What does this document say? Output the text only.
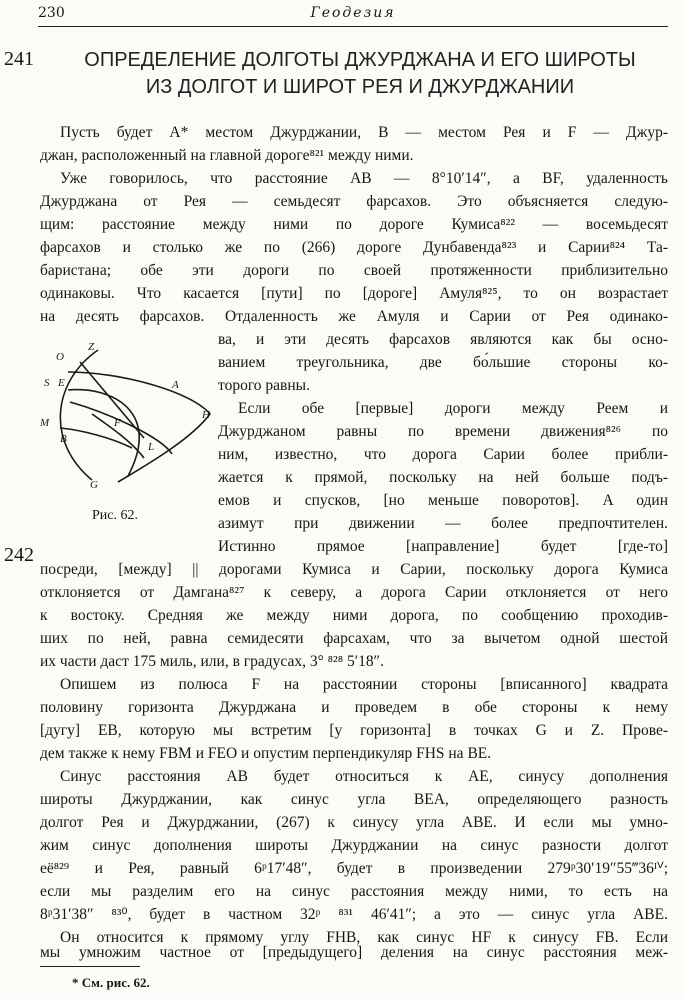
230	Геодезия
241
242
ОПРЕДЕЛЕНИЕ ДОЛГОТЫ ДЖУРДЖАНА И ЕГО ШИРОТЫ
ИЗ ДОЛГОТ И ШИРОТ РЕЯ И ДЖУРДЖАНИИ
Пусть будет A* местом Джурджании, B — местом Рея и F — Джур-
джан, расположенный на главной дороге⁸²¹ между ними.
Уже говорилось, что расстояние AB — 8°10′14″, а BF, удаленность
Джурджана от Рея — семьдесят фарсахов. Это объясняется следую-
щим: расстояние между ними по дороге Кумиса⁸²² — восемьдесят
фарсахов и столько же по (266) дороге Дунбавенда⁸²³ и Сарии⁸²⁴ Та-
баристана; обе эти дороги по своей протяженности приблизительно
одинаковы. Что касается [пути] по [дороге] Амуля⁸²⁵, то он возрастает
на десять фарсахов. Отдаленность же Амуля и Сарии от Рея одинако-
ва, и эти десять фарсахов являются как бы осно-
ванием треугольника, две бо́льшие стороны ко-
торого равны.
Если обе [первые] дороги между Реем и
Джурджаном равны по времени движения⁸²⁶ по
ним, известно, что дорога Сарии более прибли-
жается к прямой, поскольку на ней больше подъ-
емов и спусков, [но меньше поворотов]. A один
азимут при движении — более предпочтителен.
Истинно прямое [направление] будет [где-то]
посреди, [между] || дорогами Кумиса и Сарии, поскольку дорога Кумиса
отклоняется от Дамгана⁸²⁷ к северу, а дорога Сарии отклоняется от него
к востоку. Средняя же между ними дорога, по сообщению проходив-
ших по ней, равна семидесяти фарсахам, что за вычетом одной шестой
их части даст 175 миль, или, в градусах, 3° ⁸²⁸ 5′18″.
Опишем из полюса F на расстоянии стороны [вписанного] квадрата
половину горизонта Джурджана и проведем в обе стороны к нему
[дугу] EB, которую мы встретим [у горизонта] в точках G и Z. Прове-
дем также к нему FBM и FEO и опустим перпендикуляр FHS на BE.
Синус расстояния AB будет относиться к AE, синусу дополнения
широты Джурджании, как синус угла BEA, определяющего разность
долгот Рея и Джурджании, (267) к синусу угла ABE. И если мы умно-
жим синус дополнения широты Джурджании на синус разности долгот
её⁸²⁹ и Рея, равный 6ᵖ17′48″, будет в произведении 279ᵖ30′19″55‴36ᴵⱽ;
если мы разделим его на синус расстояния между ними, то есть на
8ᵖ31′38″ ⁸³⁰, будет в частном 32ᵖ ⁸³¹ 46′41″; а это — синус угла ABE.
Он относится к прямому углу FHB, как синус HF к синусу FB. Если
мы умножим частное от [предыдущего] деления на синус расстояния меж-
O
Z
S E	A
H
F
M
B
L
G
Рис. 62.
* См. рис. 62.
